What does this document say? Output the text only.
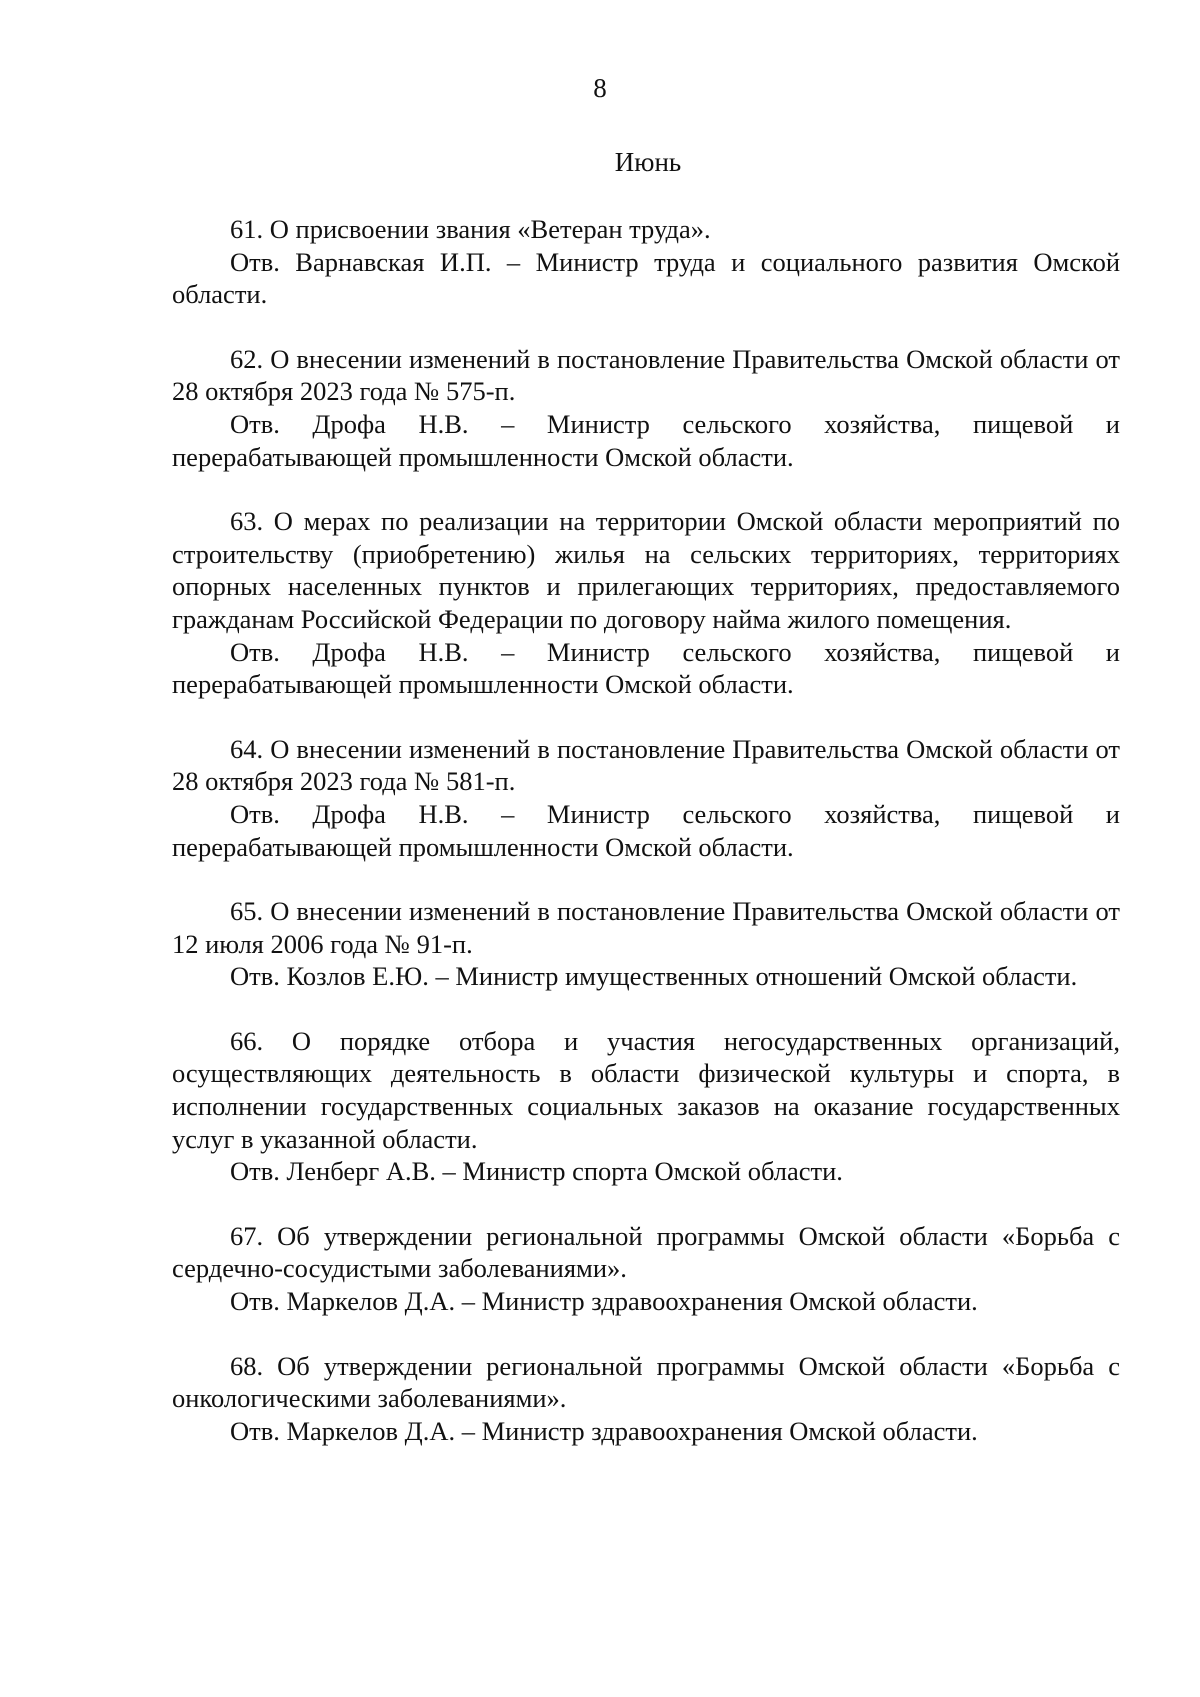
8
Июнь

61. О присвоении звания «Ветеран труда».

Отв. Варнавская И.П. – Министр труда и социального развития Омской области.

62. О внесении изменений в постановление Правительства Омской области от 28 октября 2023 года № 575-п.

Отв. Дрофа Н.В. – Министр сельского хозяйства, пищевой и перерабатывающей промышленности Омской области.

63. О мерах по реализации на территории Омской области мероприятий по строительству (приобретению) жилья на сельских территориях, территориях опорных населенных пунктов и прилегающих территориях, предоставляемого гражданам Российской Федерации по договору найма жилого помещения.

Отв. Дрофа Н.В. – Министр сельского хозяйства, пищевой и перерабатывающей промышленности Омской области.

64. О внесении изменений в постановление Правительства Омской области от 28 октября 2023 года № 581-п.

Отв. Дрофа Н.В. – Министр сельского хозяйства, пищевой и перерабатывающей промышленности Омской области.

65. О внесении изменений в постановление Правительства Омской области от 12 июля 2006 года № 91-п.

Отв. Козлов Е.Ю. – Министр имущественных отношений Омской области.

66. О порядке отбора и участия негосударственных организаций, осуществляющих деятельность в области физической культуры и спорта, в исполнении государственных социальных заказов на оказание государственных услуг в указанной области.

Отв. Ленберг А.В. – Министр спорта Омской области.

67. Об утверждении региональной программы Омской области «Борьба с сердечно-сосудистыми заболеваниями».

Отв. Маркелов Д.А. – Министр здравоохранения Омской области.

68. Об утверждении региональной программы Омской области «Борьба с онкологическими заболеваниями».

Отв. Маркелов Д.А. – Министр здравоохранения Омской области.
